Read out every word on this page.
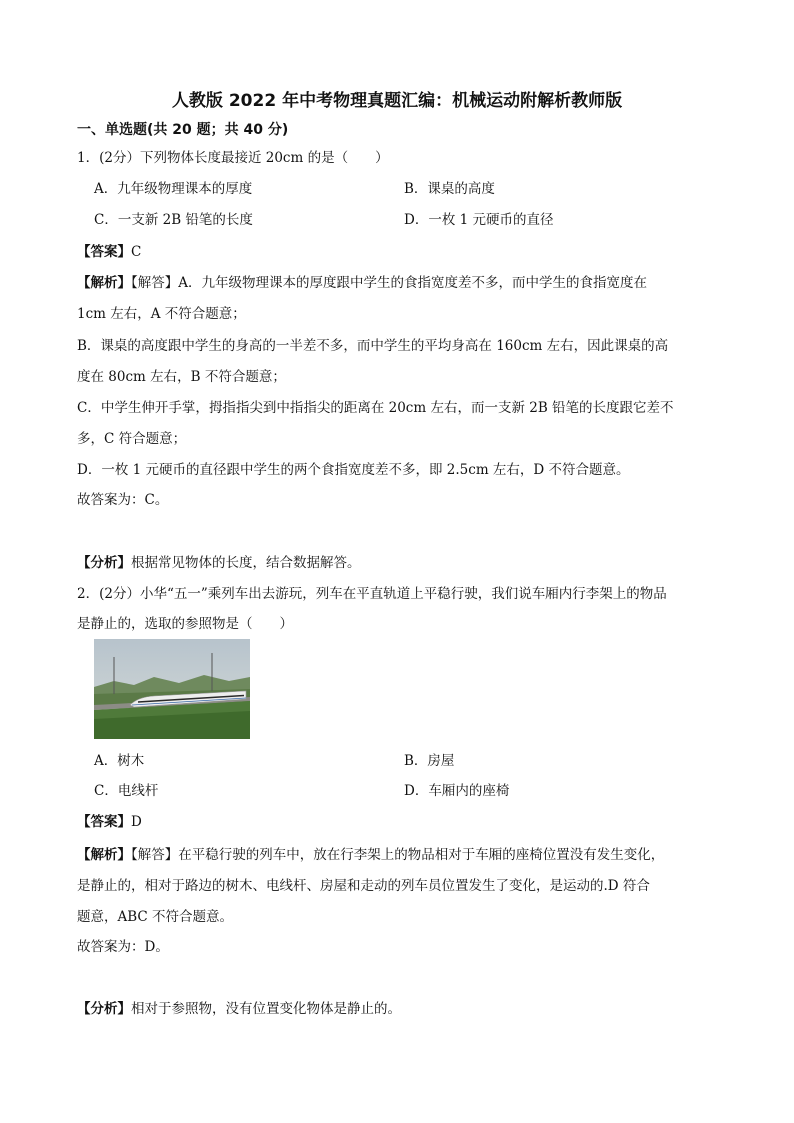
人教版 2022 年中考物理真题汇编：机械运动附解析教师版
一、单选题(共 20 题；共 40 分)
1．(2分）下列物体长度最接近 20cm 的是（　　）
A．九年级物理课本的厚度	B．课桌的高度
C．一支新 2B 铅笔的长度	D．一枚 1 元硬币的直径
【答案】C
【解析】【解答】A．九年级物理课本的厚度跟中学生的食指宽度差不多，而中学生的食指宽度在
1cm 左右，A 不符合题意；
B．课桌的高度跟中学生的身高的一半差不多，而中学生的平均身高在 160cm 左右，因此课桌的高
度在 80cm 左右，B 不符合题意；
C．中学生伸开手掌，拇指指尖到中指指尖的距离在 20cm 左右，而一支新 2B 铅笔的长度跟它差不
多，C 符合题意；
D．一枚 1 元硬币的直径跟中学生的两个食指宽度差不多，即 2.5cm 左右，D 不符合题意。
故答案为：C。
【分析】根据常见物体的长度，结合数据解答。
2．(2分）小华“五一”乘列车出去游玩，列车在平直轨道上平稳行驶，我们说车厢内行李架上的物品
是静止的，选取的参照物是（　　）
A．树木	B．房屋
C．电线杆	D．车厢内的座椅
【答案】D
【解析】【解答】在平稳行驶的列车中，放在行李架上的物品相对于车厢的座椅位置没有发生变化，
是静止的，相对于路边的树木、电线杆、房屋和走动的列车员位置发生了变化，是运动的.D 符合
题意，ABC 不符合题意。
故答案为：D。
【分析】相对于参照物，没有位置变化物体是静止的。
